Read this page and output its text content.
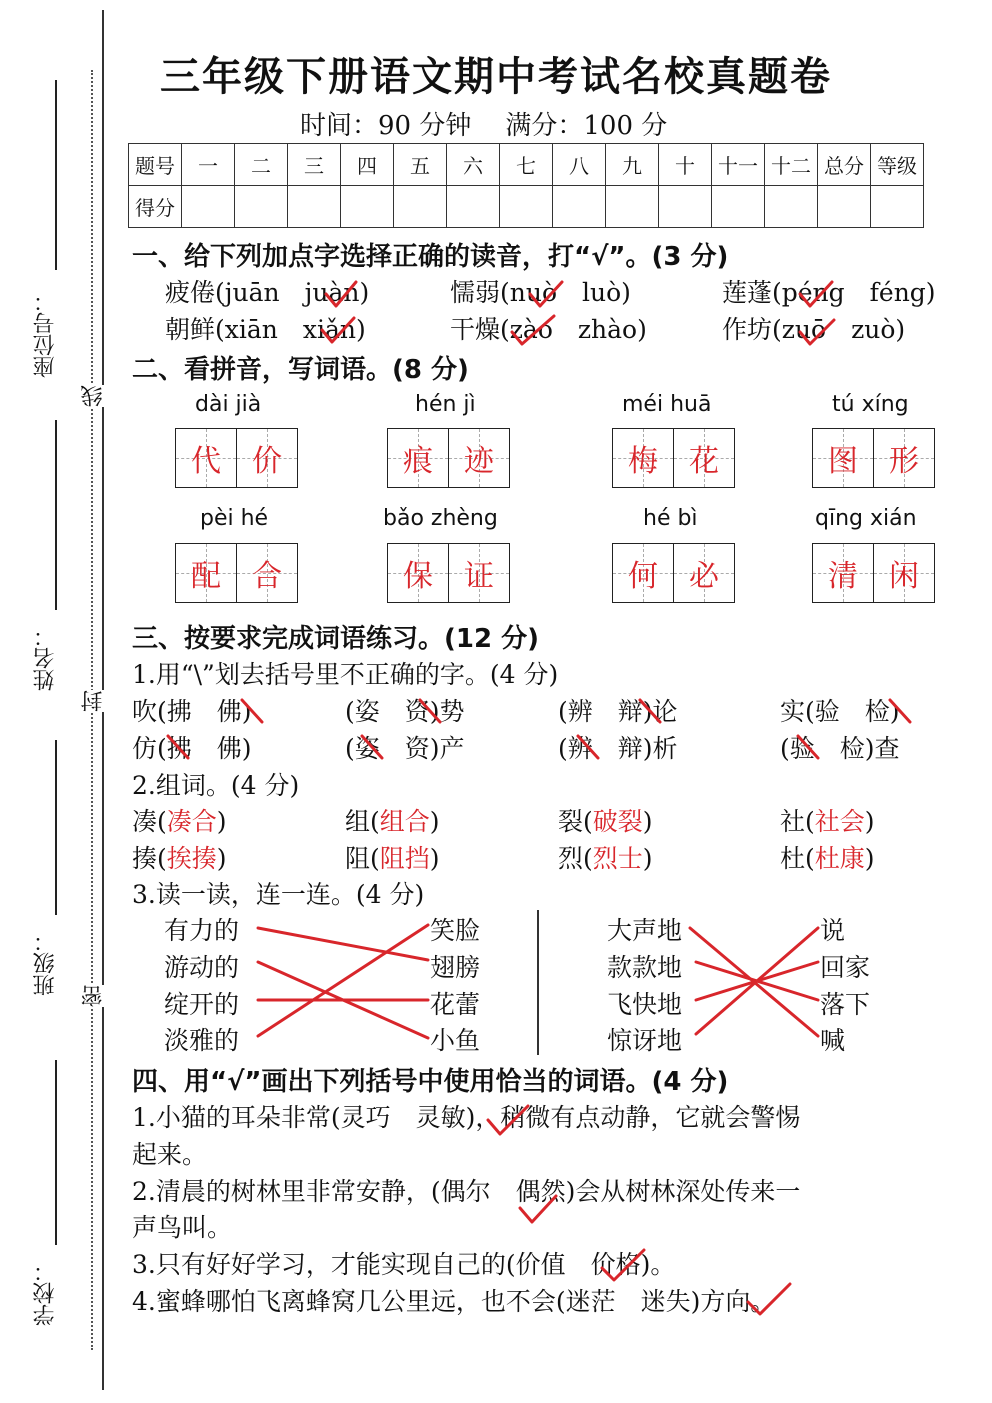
座位号：
姓名：
班级：
学校：
线
封
密
三年级下册语文期中考试名校真题卷
时间：90 分钟 满分：100 分
题号	一	二	三	四	五	六	七	八	九	十	十一	十二	总分	等级
得分														
一、给下列加点字选择正确的读音，打“√”。(3 分)
疲倦(juān　juàn)	懦弱(nuò　luò)	莲蓬(péng　féng)
朝鲜(xiān　xiǎn)	干燥(zào　zhào)	作坊(zuō　zuò)
二、看拼音，写词语。(8 分)
dài jià	hén jì	méi huā	tú xíng
pèi hé	bǎo zhèng	hé bì	qīng xián
代 价	痕 迹	梅 花	图 形
配 合	保 证	何 必	清 闲
三、按要求完成词语练习。(12 分)
1.用“\”划去括号里不正确的字。(4 分)
吹(拂　佛)	(姿　资)势	(辨　辩)论	实(验　检)
仿(拂　佛)	(姿　资)产	(辨　辩)析	(验　检)查
2.组词。(4 分)
凑(凑合)	组(组合)	裂(破裂)	社(社会)
揍(挨揍)	阻(阻挡)	烈(烈士)	杜(杜康)
3.读一读，连一连。(4 分)
有力的
游动的
绽开的
淡雅的
笑脸
翅膀
花蕾
小鱼
大声地
款款地
飞快地
惊讶地
说
回家
落下
喊
四、用“√”画出下列括号中使用恰当的词语。(4 分)
1.小猫的耳朵非常(灵巧　灵敏)，稍微有点动静，它就会警惕
起来。
2.清晨的树林里非常安静，(偶尔　偶然)会从树林深处传来一
声鸟叫。
3.只有好好学习，才能实现自己的(价值　价格)。
4.蜜蜂哪怕飞离蜂窝几公里远，也不会(迷茫　迷失)方向。
